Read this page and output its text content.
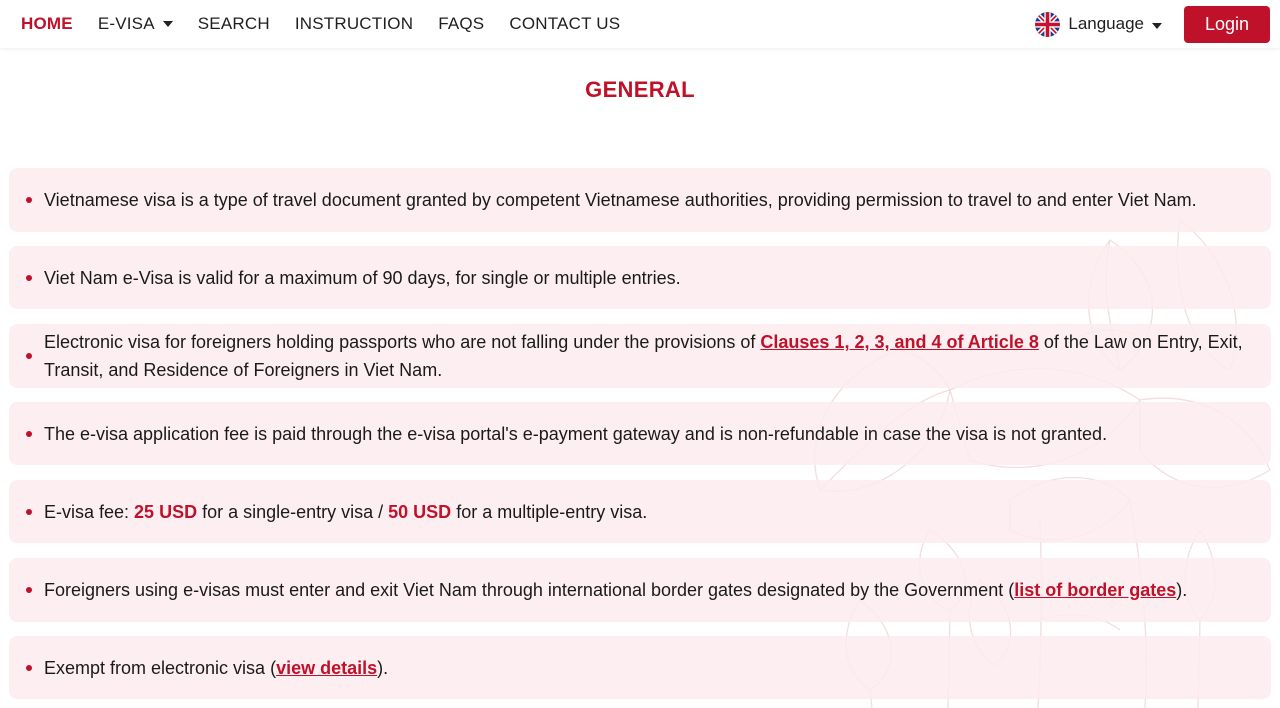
HOME E-VISA	SEARCH INSTRUCTION FAQS CONTACT US	Language	Login
GENERAL
Vietnamese visa is a type of travel document granted by competent Vietnamese authorities, providing permission to travel to and enter Viet Nam.
Viet Nam e-Visa is valid for a maximum of 90 days, for single or multiple entries.
Electronic visa for foreigners holding passports who are not falling under the provisions of Clauses 1, 2, 3, and 4 of Article 8 of the Law on Entry, Exit, Transit, and Residence of Foreigners in Viet Nam.
The e-visa application fee is paid through the e-visa portal's e-payment gateway and is non-refundable in case the visa is not granted.
E-visa fee: 25 USD for a single-entry visa / 50 USD for a multiple-entry visa.
Foreigners using e-visas must enter and exit Viet Nam through international border gates designated by the Government (list of border gates).
Exempt from electronic visa (view details).
